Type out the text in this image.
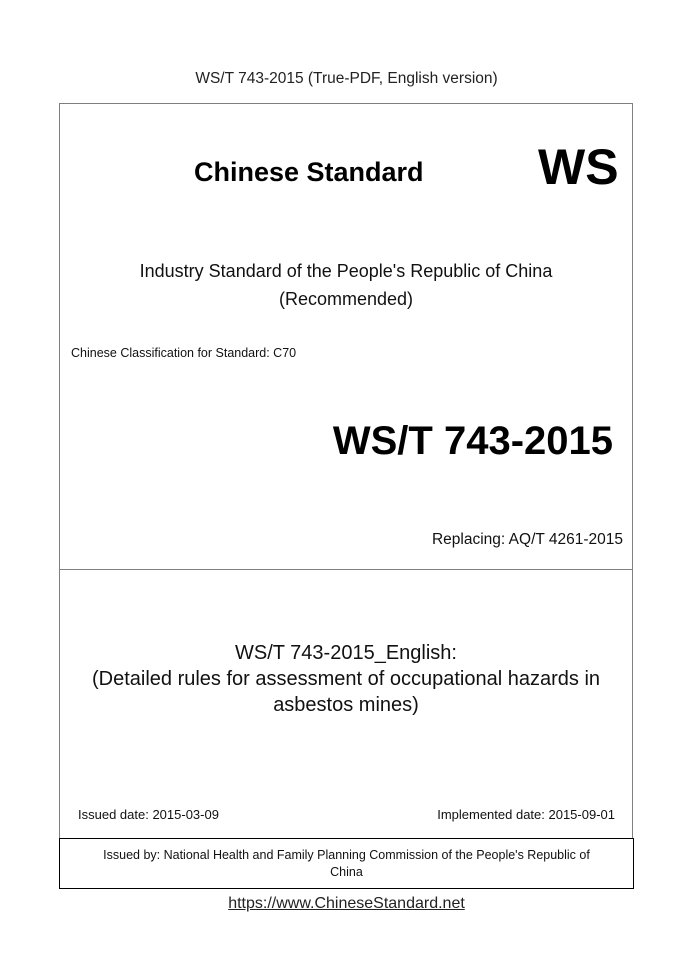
WS/T 743-2015 (True-PDF, English version)
Chinese Standard WS
Industry Standard of the People's Republic of China
(Recommended)
Chinese Classification for Standard: C70
WS/T 743-2015
Replacing: AQ/T 4261-2015
WS/T 743-2015_English:
(Detailed rules for assessment of occupational hazards in
asbestos mines)
Issued date: 2015-03-09	Implemented date: 2015-09-01
Issued by: National Health and Family Planning Commission of the People's Republic of
China
https://www.ChineseStandard.net
